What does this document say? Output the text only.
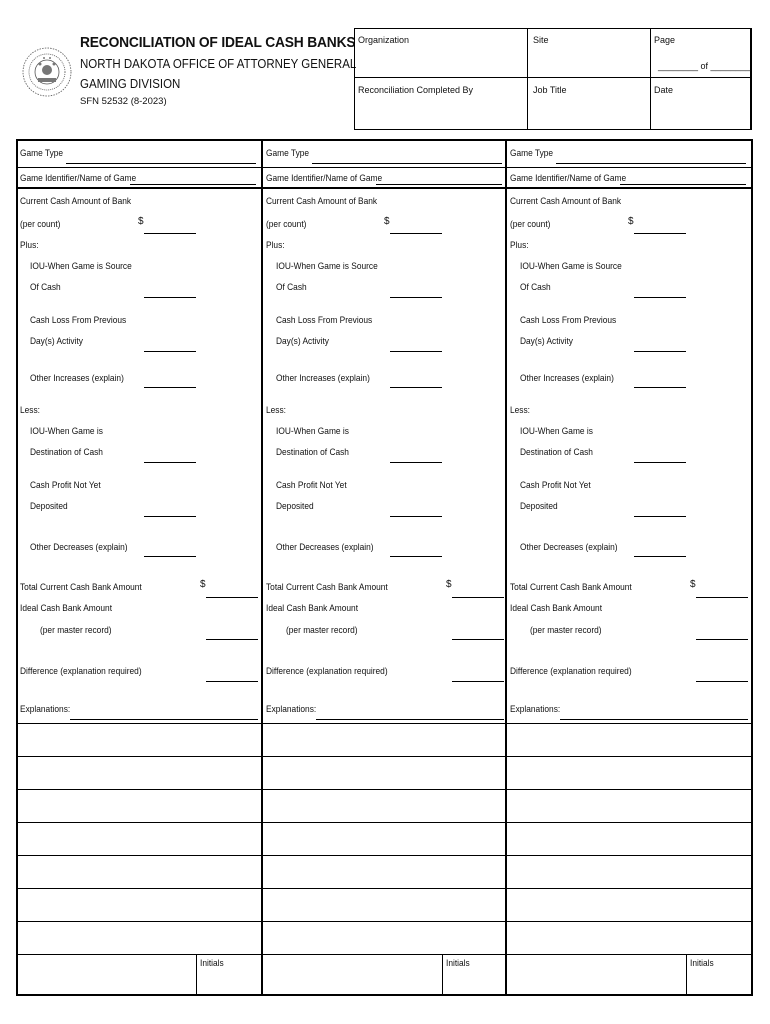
RECONCILIATION OF IDEAL CASH BANKS
NORTH DAKOTA OFFICE OF ATTORNEY GENERAL
GAMING DIVISION
SFN 52532 (8-2023)
Organization	Site	Page
________ of ________
Reconciliation Completed By	Job Title	Date
Game Type
Game Identifier/Name of Game
Current Cash Amount of Bank
(per count)	$
Plus:
IOU-When Game is Source
Of Cash
Cash Loss From Previous
Day(s) Activity
Other Increases (explain)
Less:
IOU-When Game is
Destination of Cash
Cash Profit Not Yet
Deposited
Other Decreases (explain)
Total Current Cash Bank Amount	$
Ideal Cash Bank Amount
(per master record)
Difference (explanation required)
Explanations:
Initials
Game Type
Game Identifier/Name of Game
Current Cash Amount of Bank
(per count)	$
Plus:
IOU-When Game is Source
Of Cash
Cash Loss From Previous
Day(s) Activity
Other Increases (explain)
Less:
IOU-When Game is
Destination of Cash
Cash Profit Not Yet
Deposited
Other Decreases (explain)
Total Current Cash Bank Amount	$
Ideal Cash Bank Amount
(per master record)
Difference (explanation required)
Explanations:
Initials
Game Type
Game Identifier/Name of Game
Current Cash Amount of Bank
(per count)	$
Plus:
IOU-When Game is Source
Of Cash
Cash Loss From Previous
Day(s) Activity
Other Increases (explain)
Less:
IOU-When Game is
Destination of Cash
Cash Profit Not Yet
Deposited
Other Decreases (explain)
Total Current Cash Bank Amount	$
Ideal Cash Bank Amount
(per master record)
Difference (explanation required)
Explanations:
Initials
